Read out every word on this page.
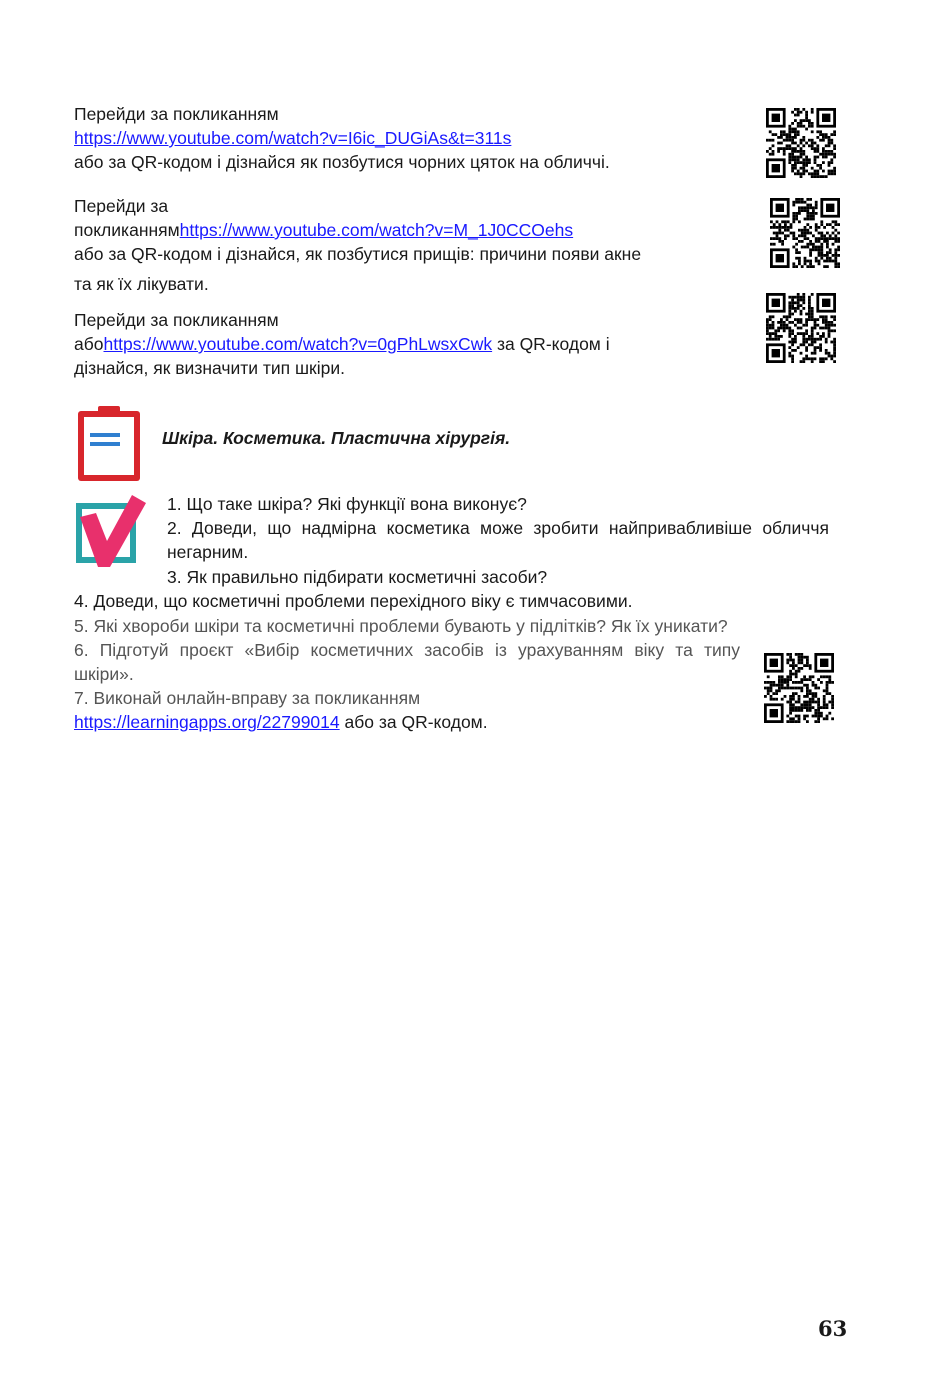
Перейди за покликанням
https://www.youtube.com/watch?v=I6ic_DUGiAs&t=311s
або за QR-кодом і дізнайся як позбутися чорних цяток на обличчі.
Перейди за
покликаннямhttps://www.youtube.com/watch?v=M_1J0CCOehs
або за QR-кодом і дізнайся, як позбутися прищів: причини появи акне
та як їх лікувати.
Перейди за покликанням
абоhttps://www.youtube.com/watch?v=0gPhLwsxCwk за QR-кодом і
дізнайся, як визначити тип шкіри.
Шкіра. Косметика. Пластична хірургія.
1. Що таке шкіра? Які функції вона виконує?
2. Доведи, що надмірна косметика може зробити найпривабливіше обличчя негарним.
3. Як правильно підбирати косметичні засоби?
4. Доведи, що косметичні проблеми перехідного віку є тимчасовими.
5. Які хвороби шкіри та косметичні проблеми бувають у підлітків? Як їх уникати?
6. Підготуй проєкт «Вибір косметичних засобів із урахуванням віку та типу шкіри».
7. Виконай онлайн-вправу за покликанням
https://learningapps.org/22799014 або за QR-кодом.
63
